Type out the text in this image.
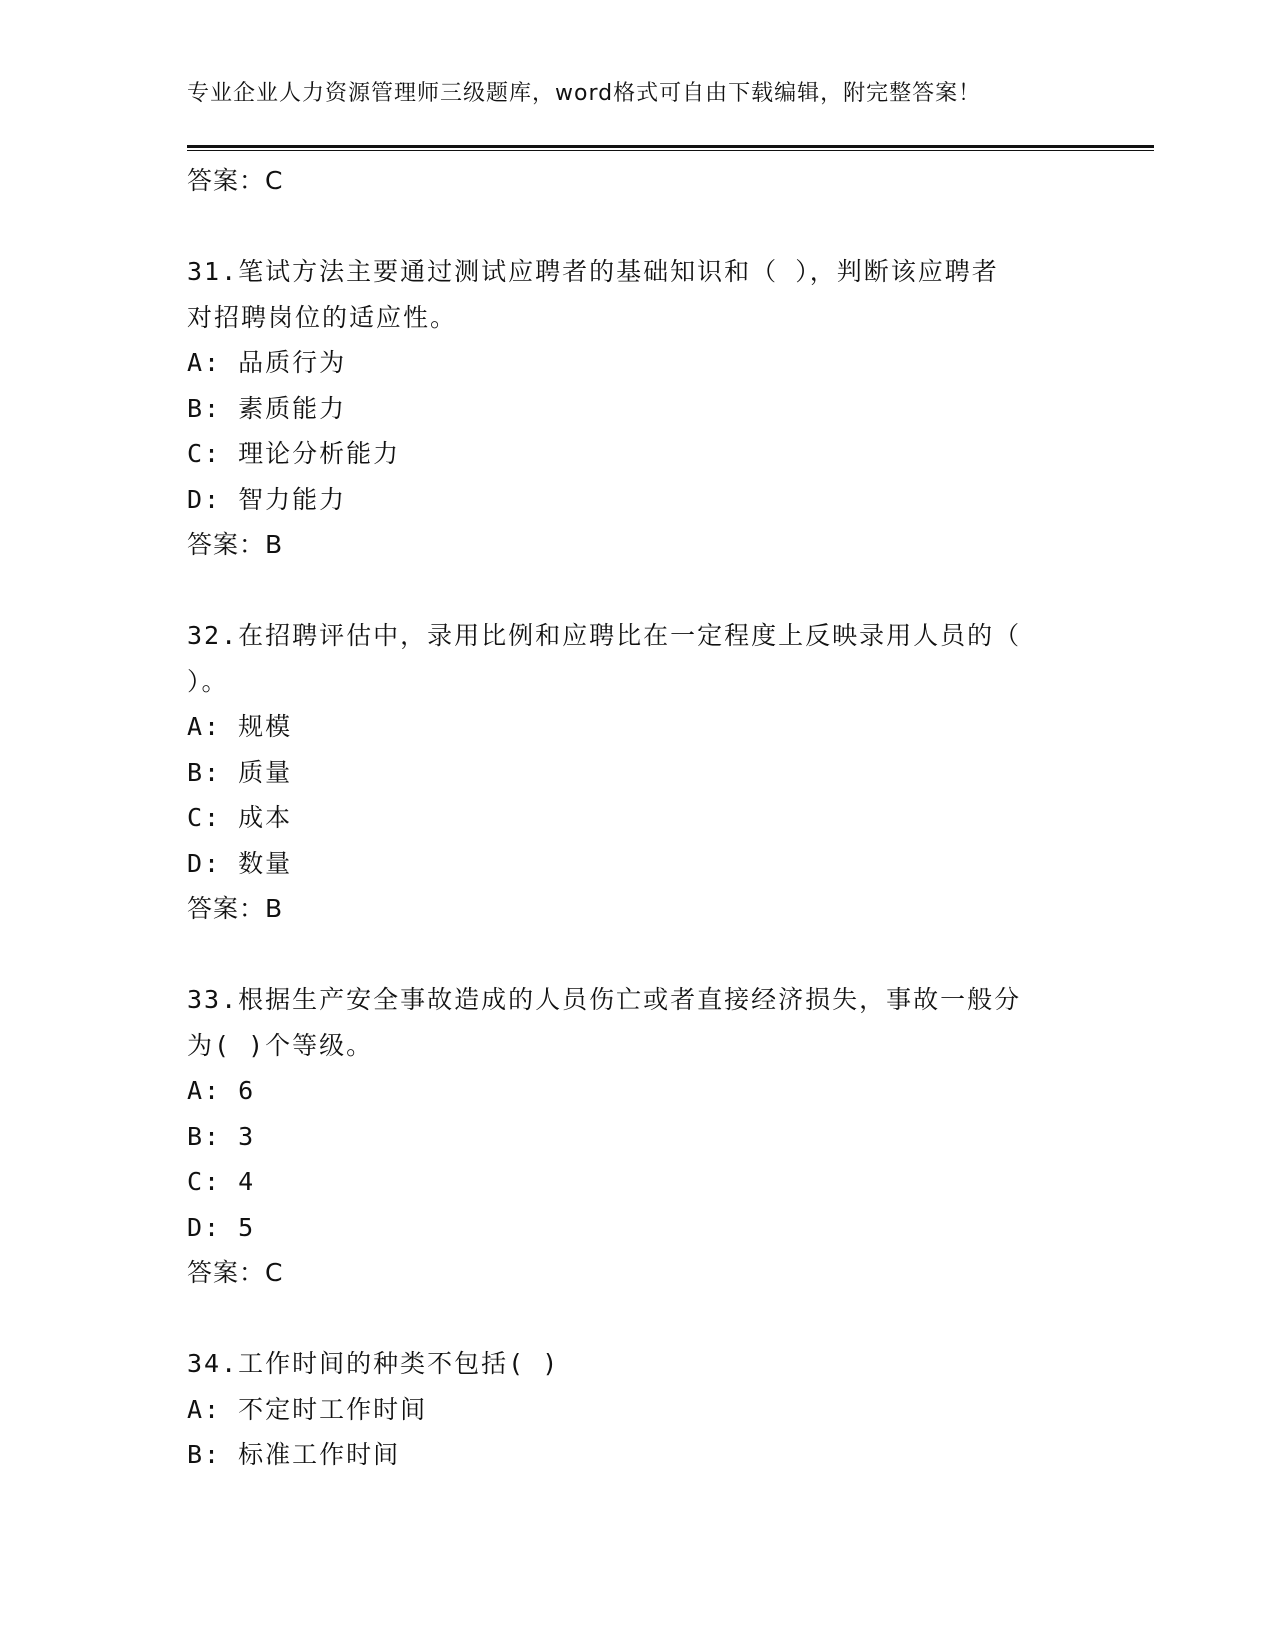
专业企业人力资源管理师三级题库，word格式可自由下载编辑，附完整答案！
答案：C
31.笔试方法主要通过测试应聘者的基础知识和（ ），判断该应聘者
对招聘岗位的适应性。
A: 品质行为
B: 素质能力
C: 理论分析能力
D: 智力能力
答案：B
32.在招聘评估中，录用比例和应聘比在一定程度上反映录用人员的（
）。
A: 规模
B: 质量
C: 成本
D: 数量
答案：B
33.根据生产安全事故造成的人员伤亡或者直接经济损失，事故一般分
为( )个等级。
A: 6
B: 3
C: 4
D: 5
答案：C
34.工作时间的种类不包括( )
A: 不定时工作时间
B: 标准工作时间
